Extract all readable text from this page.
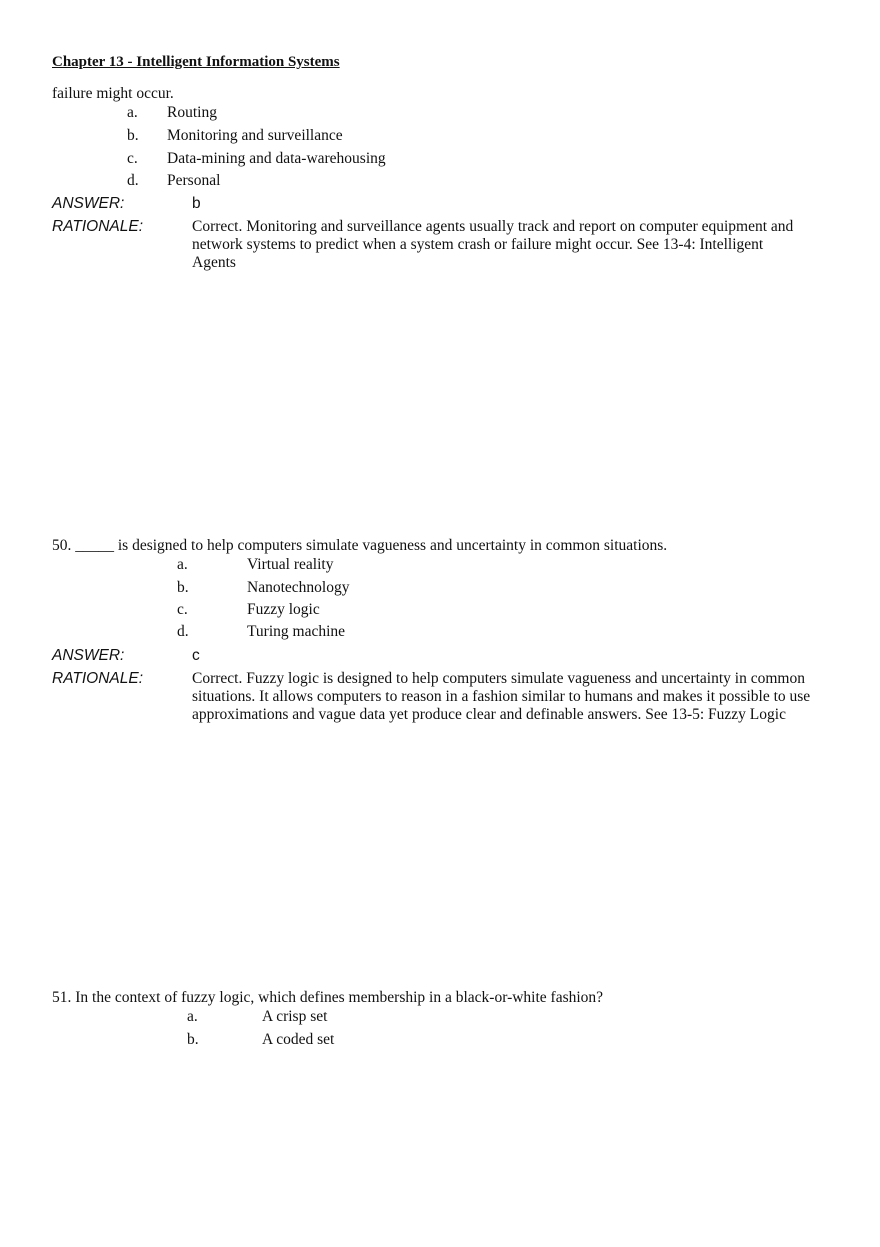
Chapter 13 - Intelligent Information Systems
failure might occur.
a. Routing
b. Monitoring and surveillance
c. Data-mining and data-warehousing
d. Personal
ANSWER:	b
RATIONALE:	Correct. Monitoring and surveillance agents usually track and report on computer equipment and
network systems to predict when a system crash or failure might occur. See 13-4: Intelligent
Agents
50. _____ is designed to help computers simulate vagueness and uncertainty in common situations.
a.	Virtual reality
b.	Nanotechnology
c.	Fuzzy logic
d.	Turing machine
ANSWER:	c
RATIONALE:	Correct. Fuzzy logic is designed to help computers simulate vagueness and uncertainty in common
situations. It allows computers to reason in a fashion similar to humans and makes it possible to use
approximations and vague data yet produce clear and definable answers. See 13-5: Fuzzy Logic
51. In the context of fuzzy logic, which defines membership in a black-or-white fashion?
a.	A crisp set
b.	A coded set
